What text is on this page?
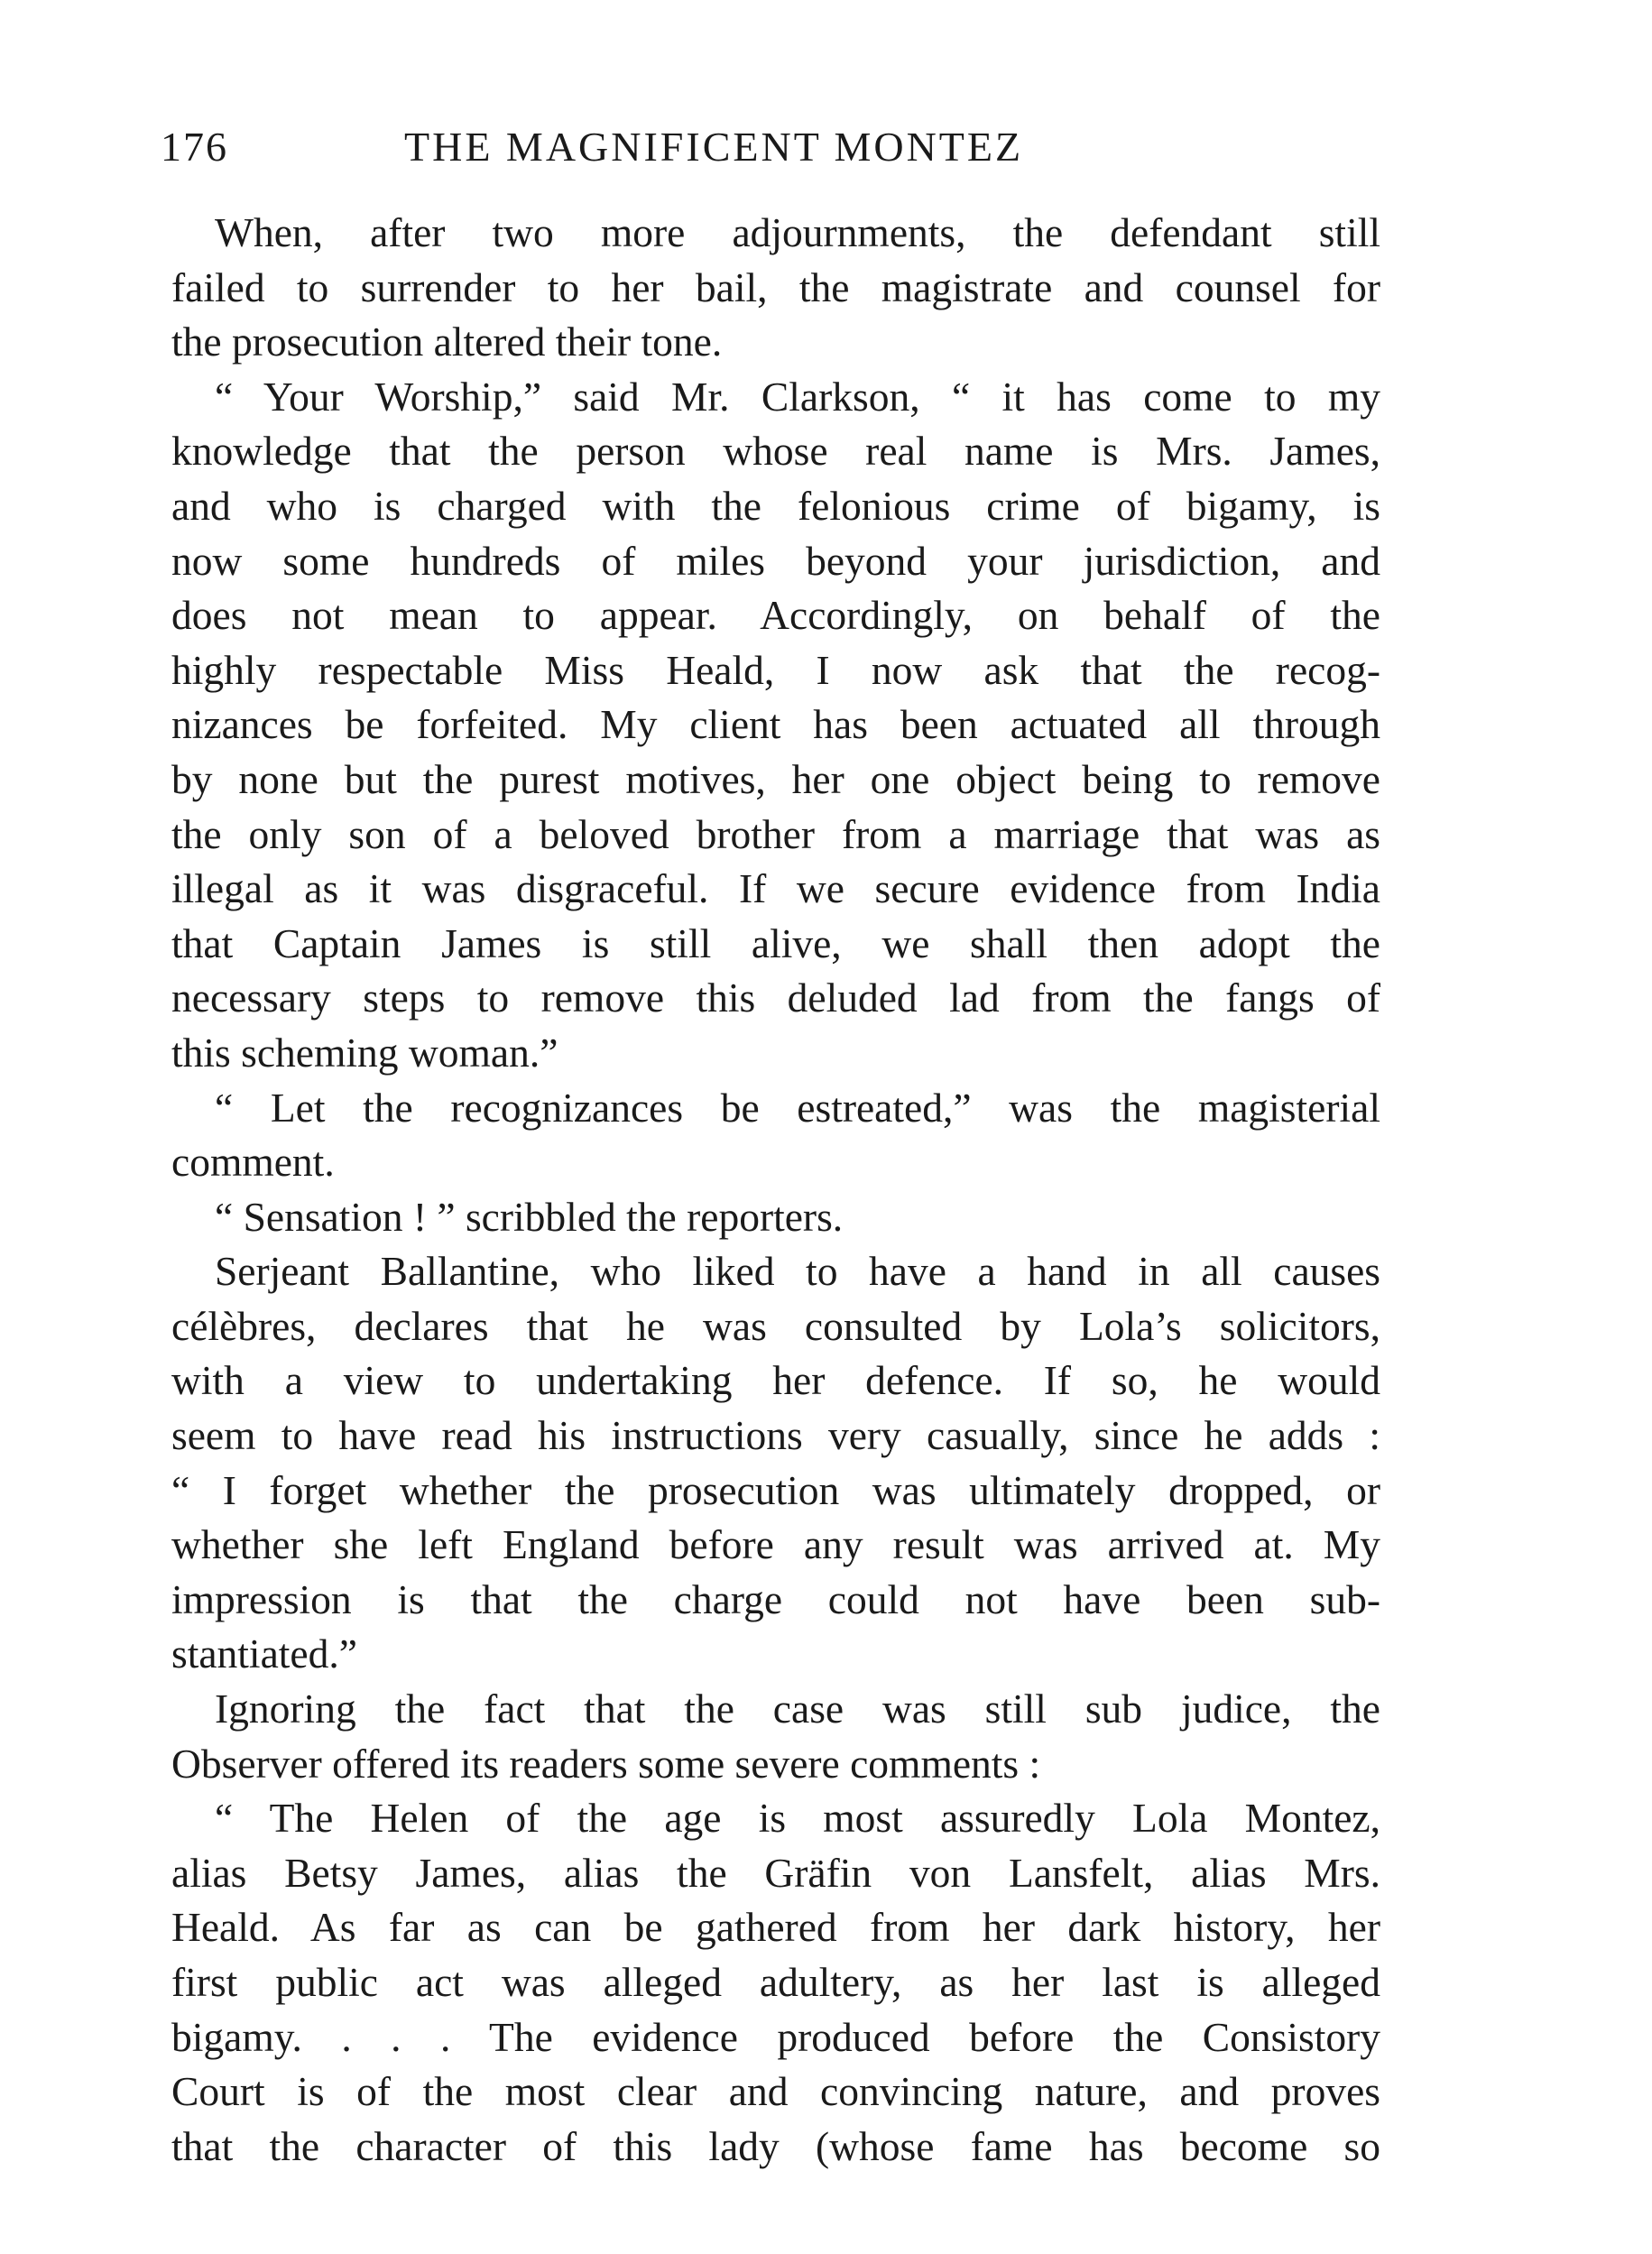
176	THE MAGNIFICENT MONTEZ
When, after two more adjournments, the defendant still
failed to surrender to her bail, the magistrate and counsel for
the prosecution altered their tone.
“ Your Worship,” said Mr. Clarkson, “ it has come to my
knowledge that the person whose real name is Mrs. James,
and who is charged with the felonious crime of bigamy, is
now some hundreds of miles beyond your jurisdiction, and
does not mean to appear. Accordingly, on behalf of the
highly respectable Miss Heald, I now ask that the recog-
nizances be forfeited. My client has been actuated all through
by none but the purest motives, her one object being to remove
the only son of a beloved brother from a marriage that was as
illegal as it was disgraceful. If we secure evidence from India
that Captain James is still alive, we shall then adopt the
necessary steps to remove this deluded lad from the fangs of
this scheming woman.”
“ Let the recognizances be estreated,” was the magisterial
comment.
“ Sensation ! ” scribbled the reporters.
Serjeant Ballantine, who liked to have a hand in all causes
célèbres, declares that he was consulted by Lola’s solicitors,
with a view to undertaking her defence. If so, he would
seem to have read his instructions very casually, since he adds :
“ I forget whether the prosecution was ultimately dropped, or
whether she left England before any result was arrived at. My
impression is that the charge could not have been sub-
stantiated.”
Ignoring the fact that the case was still sub judice, the
Observer offered its readers some severe comments :
“ The Helen of the age is most assuredly Lola Montez,
alias Betsy James, alias the Gräfin von Lansfelt, alias Mrs.
Heald. As far as can be gathered from her dark history, her
first public act was alleged adultery, as her last is alleged
bigamy. . . . The evidence produced before the Consistory
Court is of the most clear and convincing nature, and proves
that the character of this lady (whose fame has become so
